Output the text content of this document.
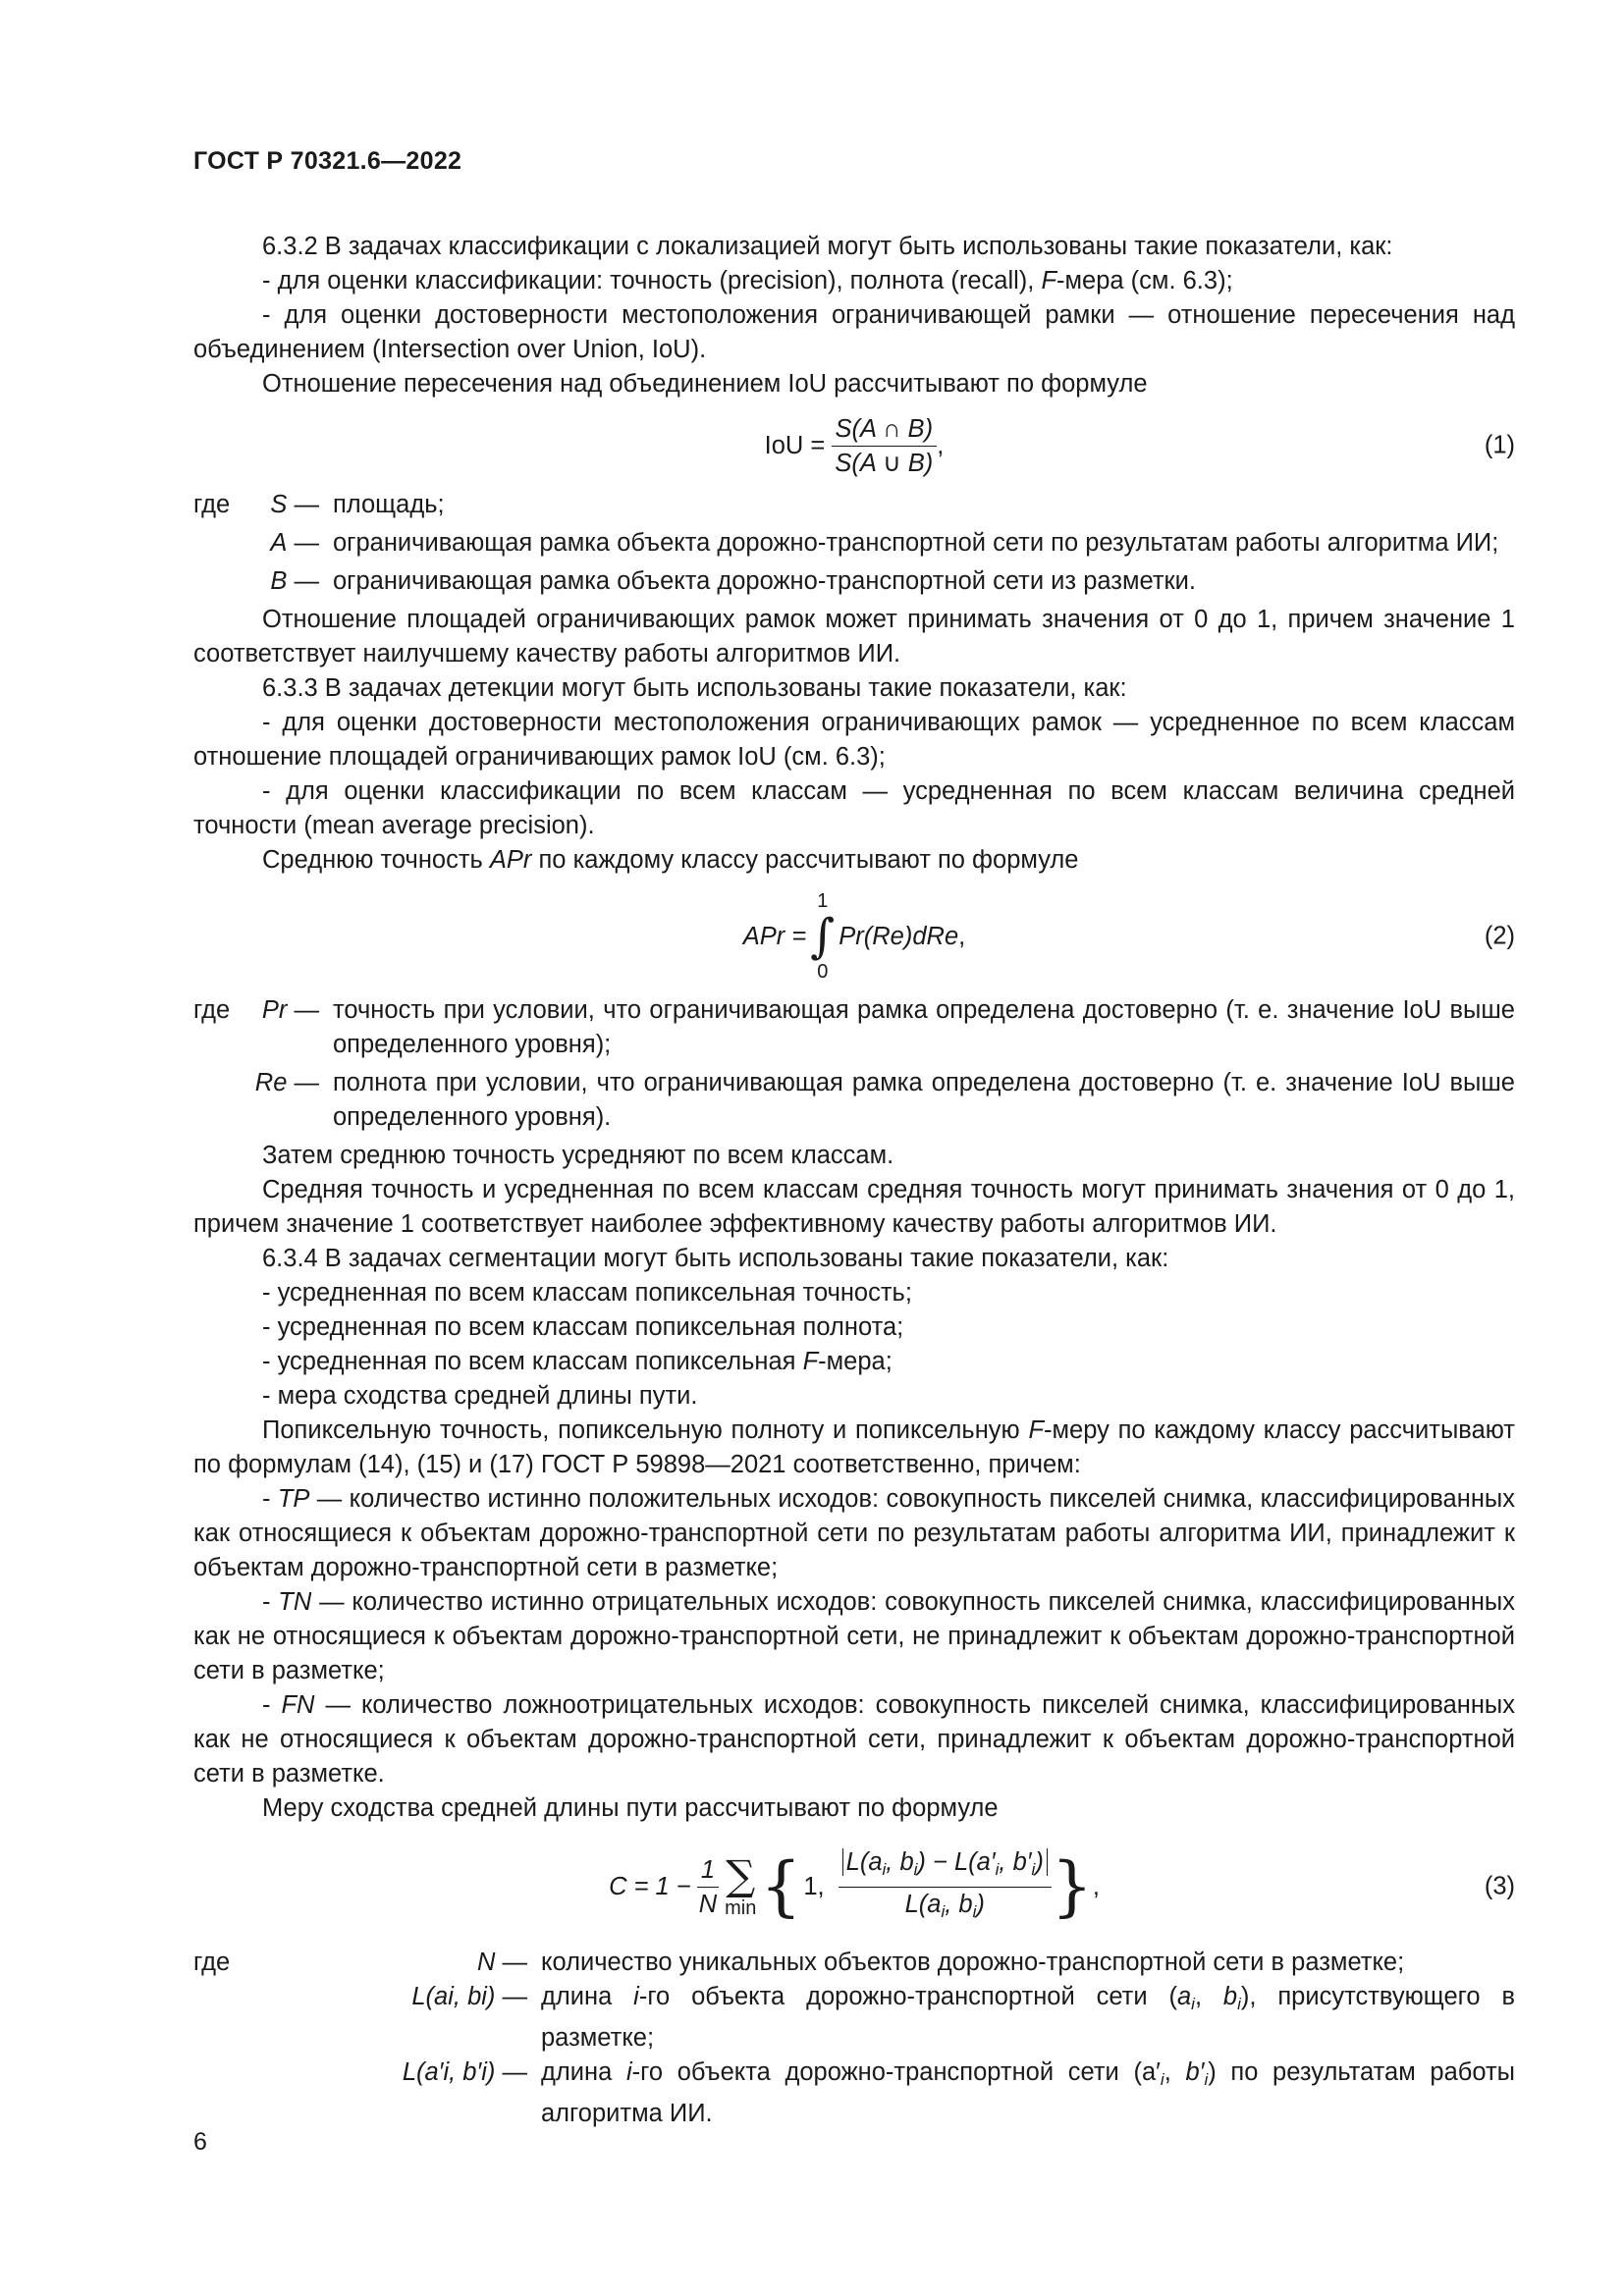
ГОСТ Р 70321.6—2022

6.3.2 В задачах классификации с локализацией могут быть использованы такие показатели, как:

- для оценки классификации: точность (precision), полнота (recall), F-мера (см. 6.3);

- для оценки достоверности местоположения ограничивающей рамки — отношение пересечения над объединением (Intersection over Union, IoU).

Отношение пересечения над объединением IoU рассчитывают по формуле

IoU = $\frac{S(A \cap B)}{S(A \cup B)}$ ,	(1)
где S — площадь;
A — ограничивающая рамка объекта дорожно-транспортной сети по результатам работы алгоритма ИИ;
B — ограничивающая рамка объекта дорожно-транспортной сети из разметки.

Отношение площадей ограничивающих рамок может принимать значения от 0 до 1, причем значение 1 соответствует наилучшему качеству работы алгоритмов ИИ.

6.3.3 В задачах детекции могут быть использованы такие показатели, как:

- для оценки достоверности местоположения ограничивающих рамок — усредненное по всем классам отношение площадей ограничивающих рамок IoU (см. 6.3);

- для оценки классификации по всем классам — усредненная по всем классам величина средней точности (mean average precision).

Среднюю точность APr по каждому классу рассчитывают по формуле

APr =
1
∫
0
Pr(Re)dRe ,	(2)
где Pr — точность при условии, что ограничивающая рамка определена достоверно (т. е. значение IoU выше определенного уровня);
Re — полнота при условии, что ограничивающая рамка определена достоверно (т. е. значение IoU выше определенного уровня).

Затем среднюю точность усредняют по всем классам.

Средняя точность и усредненная по всем классам средняя точность могут принимать значения от 0 до 1, причем значение 1 соответствует наиболее эффективному качеству работы алгоритмов ИИ.

6.3.4 В задачах сегментации могут быть использованы такие показатели, как:

- усредненная по всем классам попиксельная точность;

- усредненная по всем классам попиксельная полнота;

- усредненная по всем классам попиксельная F-мера;

- мера сходства средней длины пути.

Попиксельную точность, попиксельную полноту и попиксельную F-меру по каждому классу рассчитывают по формулам (14), (15) и (17) ГОСТ Р 59898—2021 соответственно, причем:

- TP — количество истинно положительных исходов: совокупность пикселей снимка, классифицированных как относящиеся к объектам дорожно-транспортной сети по результатам работы алгоритма ИИ, принадлежит к объектам дорожно-транспортной сети в разметке;

- TN — количество истинно отрицательных исходов: совокупность пикселей снимка, классифицированных как не относящиеся к объектам дорожно-транспортной сети, не принадлежит к объектам дорожно-транспортной сети в разметке;

- FN — количество ложноотрицательных исходов: совокупность пикселей снимка, классифицированных как не относящиеся к объектам дорожно-транспортной сети, принадлежит к объектам дорожно-транспортной сети в разметке.

Меру сходства средней длины пути рассчитывают по формуле

$C = 1 - \frac{1}{N}$ ∑
min { 1, $\frac{L(a_i, b_i) - L(a'_i, b'_i)}{L(a_i, b_i)}$ } ,	(3)
где	N — количество уникальных объектов дорожно-транспортной сети в разметке;
L(ai, bi) — длина i-го объекта дорожно-транспортной сети ($a_i$, $b_i$), присутствующего в разметке;
L(a′i, b′i) — длина i-го объекта дорожно-транспортной сети ($a'_i$, $b'_i$) по результатам работы алгоритма ИИ.
6
